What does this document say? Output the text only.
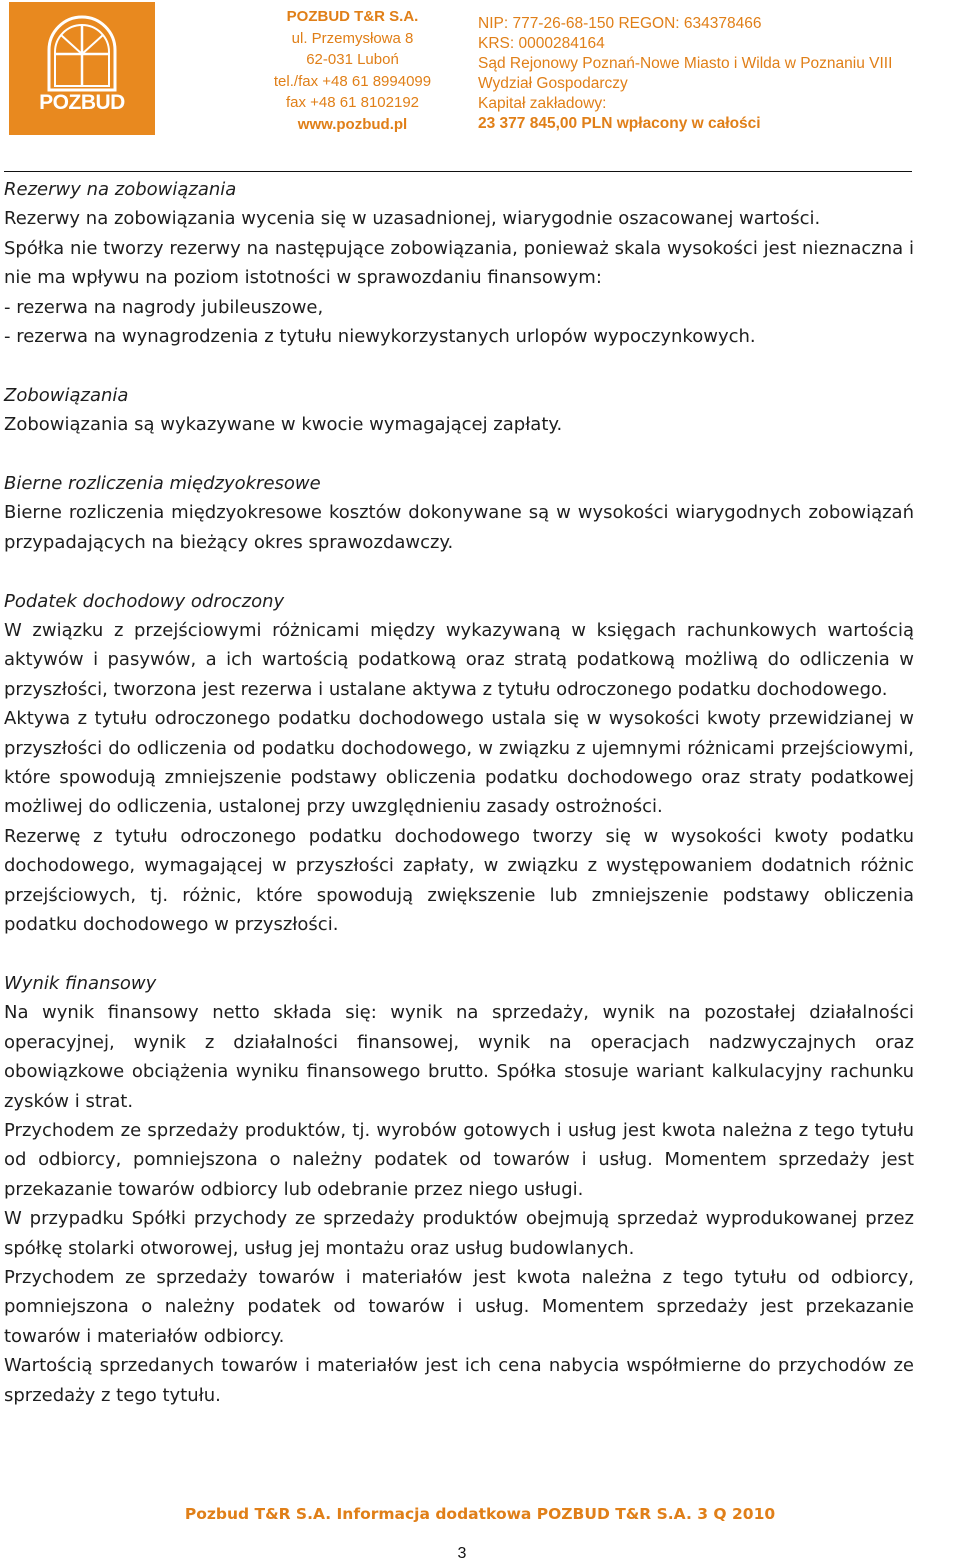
POZBUD
POZBUD T&R S.A.
ul. Przemysłowa 8
62-031 Luboń
tel./fax +48 61 8994099
fax +48 61 8102192
www.pozbud.pl
NIP: 777-26-68-150 REGON: 634378466
KRS: 0000284164
Sąd Rejonowy Poznań-Nowe Miasto i Wilda w Poznaniu VIII
Wydział Gospodarczy
Kapitał zakładowy:
23 377 845,00 PLN wpłacony w całości

Rezerwy na zobowiązania

Rezerwy na zobowiązania wycenia się w uzasadnionej, wiarygodnie oszacowanej wartości.

Spółka nie tworzy rezerwy na następujące zobowiązania, ponieważ skala wysokości jest nieznaczna i nie ma wpływu na poziom istotności w sprawozdaniu finansowym:

- rezerwa na nagrody jubileuszowe,

- rezerwa na wynagrodzenia z tytułu niewykorzystanych urlopów wypoczynkowych.

Zobowiązania

Zobowiązania są wykazywane w kwocie wymagającej zapłaty.

Bierne rozliczenia międzyokresowe

Bierne rozliczenia międzyokresowe kosztów dokonywane są w wysokości wiarygodnych zobowiązań przypadających na bieżący okres sprawozdawczy.

Podatek dochodowy odroczony

W związku z przejściowymi różnicami między wykazywaną w księgach rachunkowych wartością aktywów i pasywów, a ich wartością podatkową oraz stratą podatkową możliwą do odliczenia w przyszłości, tworzona jest rezerwa i ustalane aktywa z tytułu odroczonego podatku dochodowego.

Aktywa z tytułu odroczonego podatku dochodowego ustala się w wysokości kwoty przewidzianej w przyszłości do odliczenia od podatku dochodowego, w związku z ujemnymi różnicami przejściowymi, które spowodują zmniejszenie podstawy obliczenia podatku dochodowego oraz straty podatkowej możliwej do odliczenia, ustalonej przy uwzględnieniu zasady ostrożności.

Rezerwę z tytułu odroczonego podatku dochodowego tworzy się w wysokości kwoty podatku dochodowego, wymagającej w przyszłości zapłaty, w związku z występowaniem dodatnich różnic przejściowych, tj. różnic, które spowodują zwiększenie lub zmniejszenie podstawy obliczenia podatku dochodowego w przyszłości.

Wynik finansowy

Na wynik finansowy netto składa się: wynik na sprzedaży, wynik na pozostałej działalności operacyjnej, wynik z działalności finansowej, wynik na operacjach nadzwyczajnych oraz obowiązkowe obciążenia wyniku finansowego brutto. Spółka stosuje wariant kalkulacyjny rachunku zysków i strat.

Przychodem ze sprzedaży produktów, tj. wyrobów gotowych i usług jest kwota należna z tego tytułu od odbiorcy, pomniejszona o należny podatek od towarów i usług. Momentem sprzedaży jest przekazanie towarów odbiorcy lub odebranie przez niego usługi.

W przypadku Spółki przychody ze sprzedaży produktów obejmują sprzedaż wyprodukowanej przez spółkę stolarki otworowej, usług jej montażu oraz usług budowlanych.

Przychodem ze sprzedaży towarów i materiałów jest kwota należna z tego tytułu od odbiorcy, pomniejszona o należny podatek od towarów i usług. Momentem sprzedaży jest przekazanie towarów i materiałów odbiorcy.

Wartością sprzedanych towarów i materiałów jest ich cena nabycia współmierne do przychodów ze sprzedaży z tego tytułu.

Pozbud T&R S.A. Informacja dodatkowa POZBUD T&R S.A. 3 Q 2010
3
